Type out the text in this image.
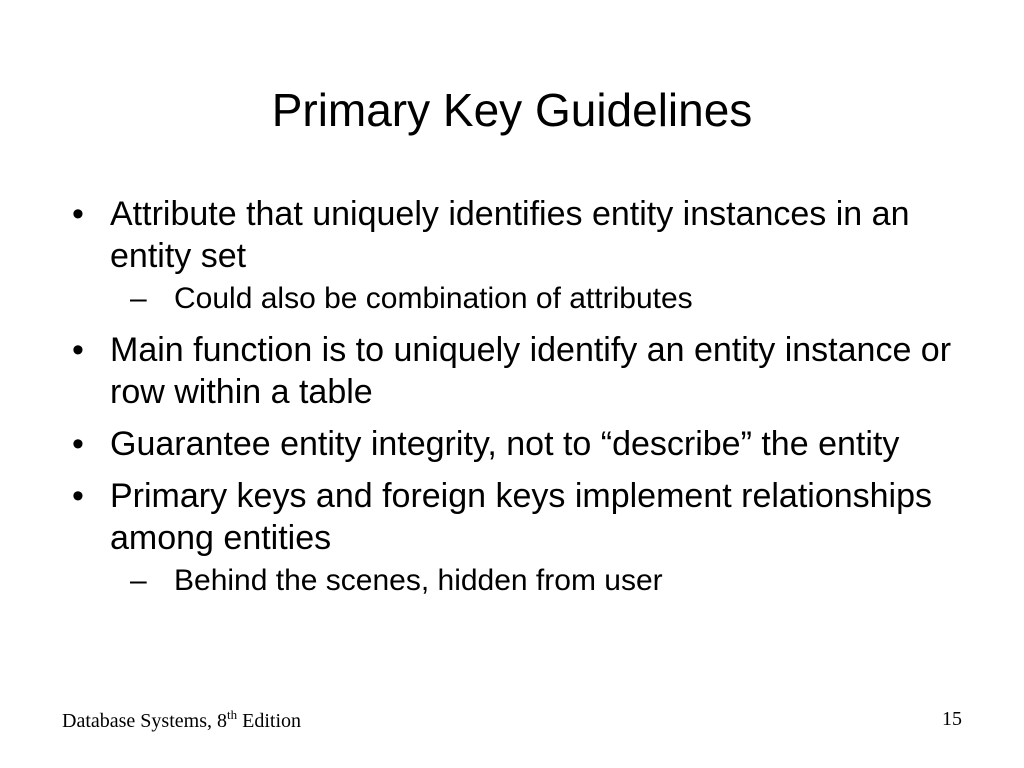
Primary Key Guidelines
• Attribute that uniquely identifies entity instances in an entity set
– Could also be combination of attributes
• Main function is to uniquely identify an entity instance or row within a table
• Guarantee entity integrity, not to “describe” the entity
• Primary keys and foreign keys implement relationships among entities
– Behind the scenes, hidden from user
Database Systems, 8th Edition	15
